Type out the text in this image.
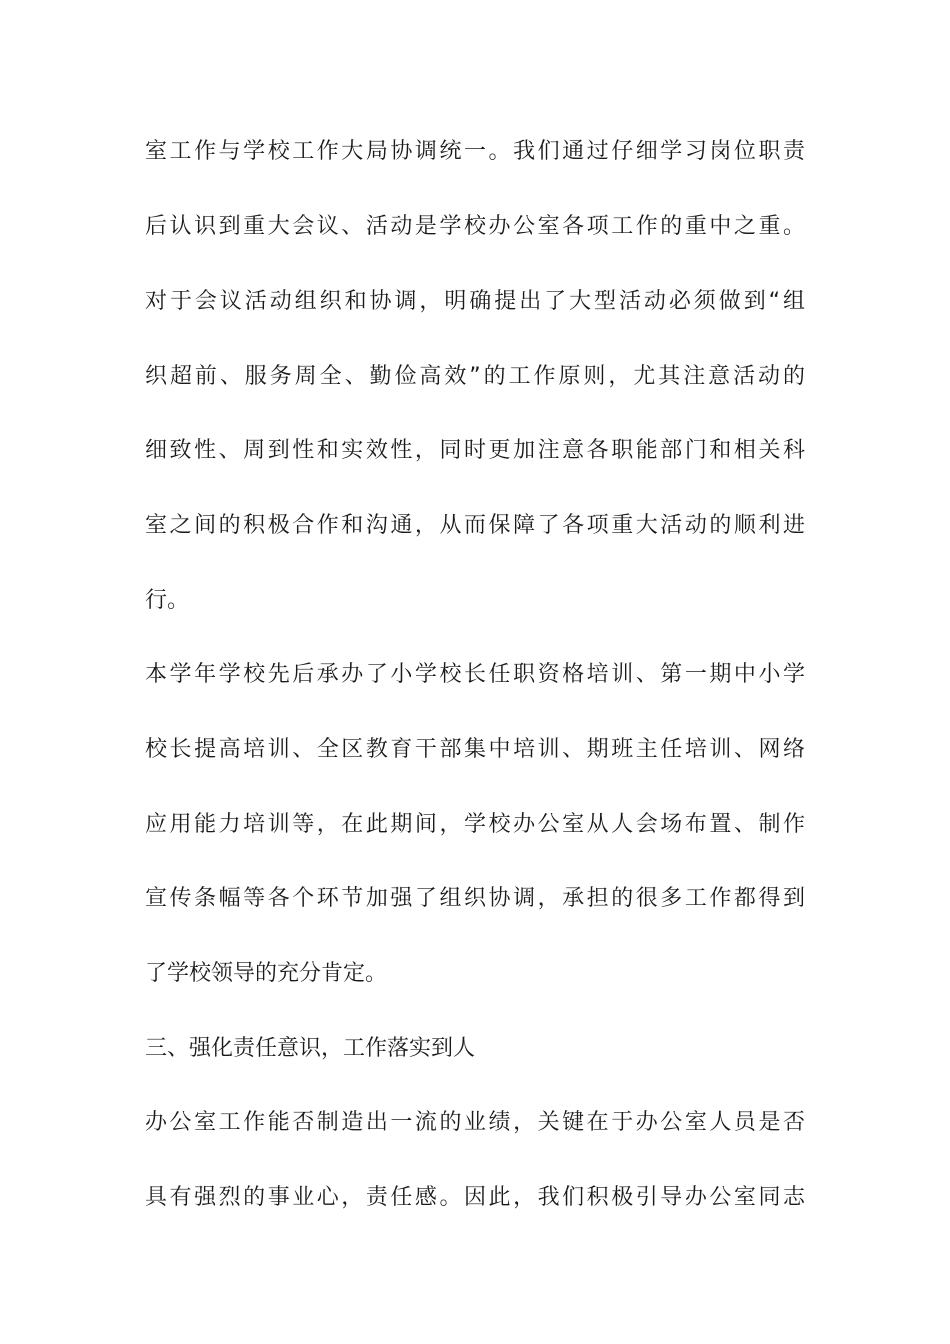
室工作与学校工作大局协调统一。我们通过仔细学习岗位职责
后认识到重大会议、活动是学校办公室各项工作的重中之重。
对于会议活动组织和协调，明确提出了大型活动必须做到“组
织超前、服务周全、勤俭高效”的工作原则，尤其注意活动的
细致性、周到性和实效性，同时更加注意各职能部门和相关科
室之间的积极合作和沟通，从而保障了各项重大活动的顺利进
行。
本学年学校先后承办了小学校长任职资格培训、第一期中小学
校长提高培训、全区教育干部集中培训、期班主任培训、网络
应用能力培训等，在此期间，学校办公室从人会场布置、制作
宣传条幅等各个环节加强了组织协调，承担的很多工作都得到
了学校领导的充分肯定。
三、强化责任意识，工作落实到人
办公室工作能否制造出一流的业绩，关键在于办公室人员是否
具有强烈的事业心，责任感。因此，我们积极引导办公室同志
